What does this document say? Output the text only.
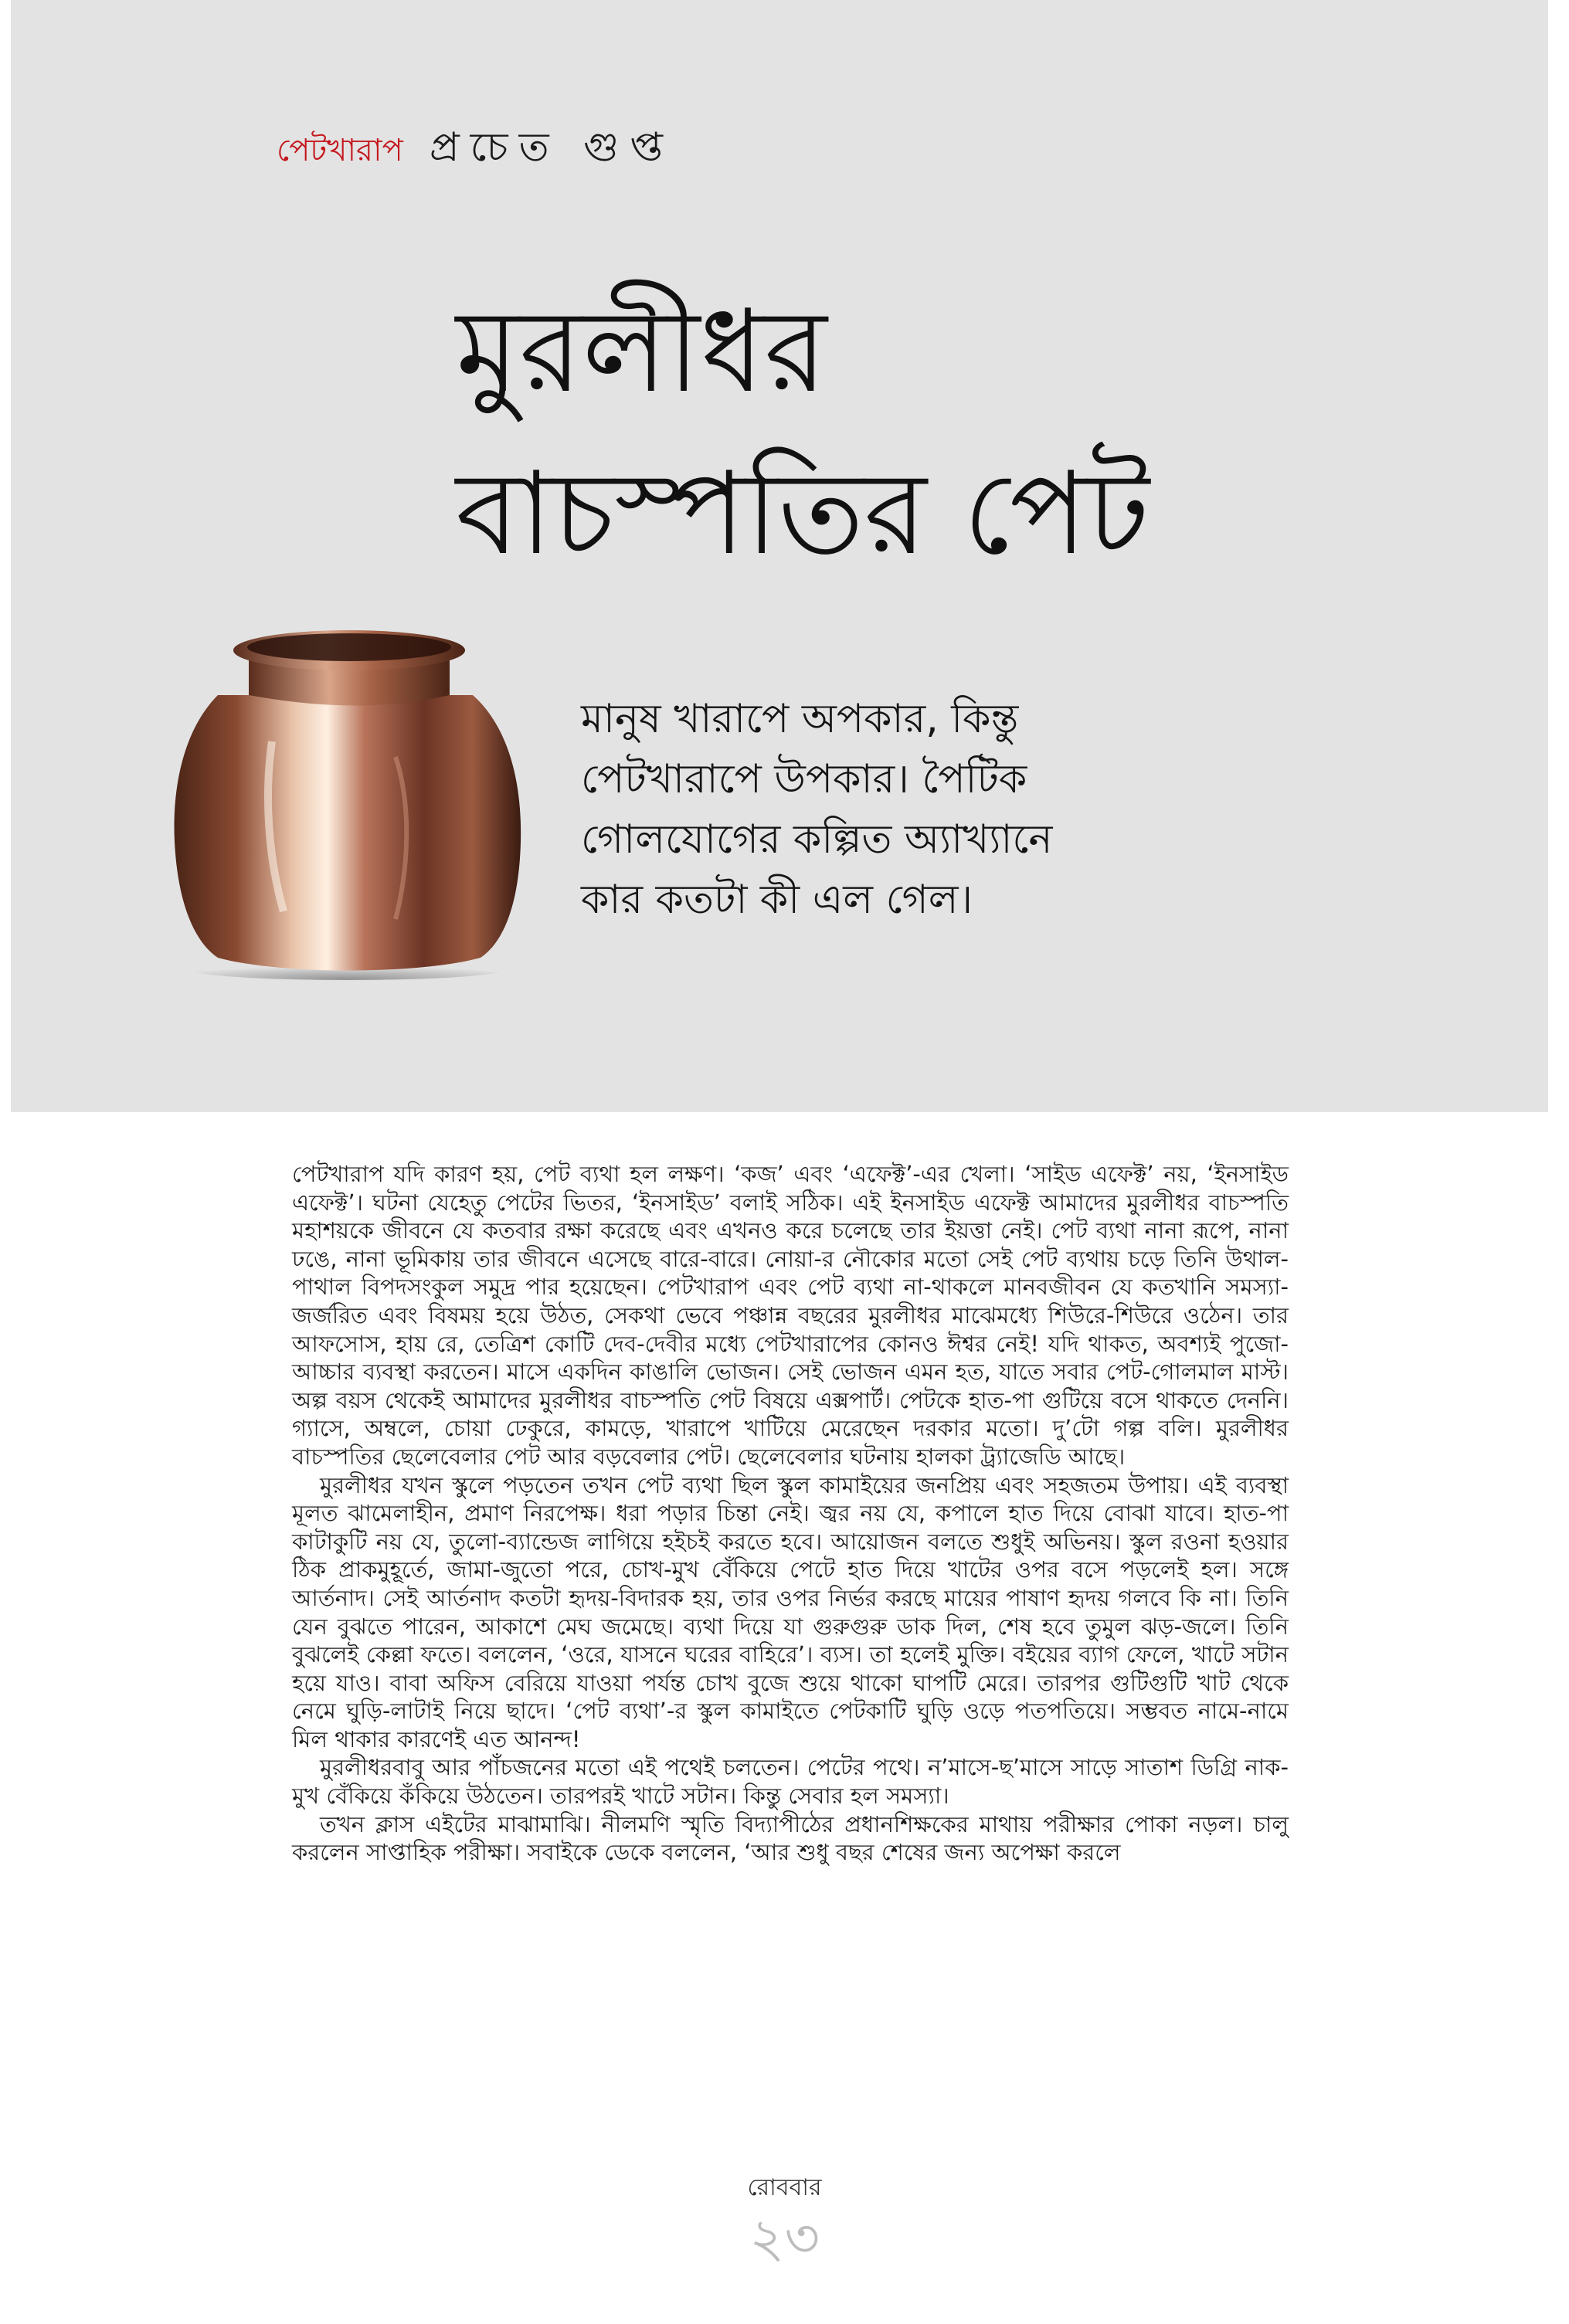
পেটখারাপ প্রচেত গুপ্ত
মুরলীধর
বাচস্পতির পেট
মানুষ খারাপে অপকার, কিন্তু
পেটখারাপে উপকার। পৈটিক
গোলযোগের কল্পিত অ্যাখ্যানে
কার কতটা কী এল গেল।

পেটখারাপ যদি কারণ হয়, পেট ব্যথা হল লক্ষণ। ‘কজ’ এবং ‘এফেক্ট’-এর খেলা। ‘সাইড এফেক্ট’ নয়, ‘ইনসাইড এফেক্ট’। ঘটনা যেহেতু পেটের ভিতর, ‘ইনসাইড’ বলাই সঠিক। এই ইনসাইড এফেক্ট আমাদের মুরলীধর বাচস্পতি মহাশয়কে জীবনে যে কতবার রক্ষা করেছে এবং এখনও করে চলেছে তার ইয়ত্তা নেই। পেট ব্যথা নানা রূপে, নানা ঢঙে, নানা ভূমিকায় তার জীবনে এসেছে বারে-বারে। নোয়া-র নৌকোর মতো সেই পেট ব্যথায় চড়ে তিনি উথাল-পাথাল বিপদসংকুল সমুদ্র পার হয়েছেন। পেটখারাপ এবং পেট ব্যথা না-থাকলে মানবজীবন যে কতখানি সমস্যা-জর্জরিত এবং বিষময় হয়ে উঠত, সেকথা ভেবে পঞ্চান্ন বছরের মুরলীধর মাঝেমধ্যে শিউরে-শিউরে ওঠেন। তার আফসোস, হায় রে, তেত্রিশ কোটি দেব-দেবীর মধ্যে পেটখারাপের কোনও ঈশ্বর নেই! যদি থাকত, অবশ্যই পুজো-আচ্চার ব্যবস্থা করতেন। মাসে একদিন কাঙালি ভোজন। সেই ভোজন এমন হত, যাতে সবার পেট-গোলমাল মাস্ট। অল্প বয়স থেকেই আমাদের মুরলীধর বাচস্পতি পেট বিষয়ে এক্সপার্ট। পেটকে হাত-পা গুটিয়ে বসে থাকতে দেননি। গ্যাসে, অম্বলে, চোয়া ঢেকুরে, কামড়ে, খারাপে খাটিয়ে মেরেছেন দরকার মতো। দু’টো গল্প বলি। মুরলীধর বাচস্পতির ছেলেবেলার পেট আর বড়বেলার পেট। ছেলেবেলার ঘটনায় হালকা ট্র্যাজেডি আছে।

মুরলীধর যখন স্কুলে পড়তেন তখন পেট ব্যথা ছিল স্কুল কামাইয়ের জনপ্রিয় এবং সহজতম উপায়। এই ব্যবস্থা মূলত ঝামেলাহীন, প্রমাণ নিরপেক্ষ। ধরা পড়ার চিন্তা নেই। জ্বর নয় যে, কপালে হাত দিয়ে বোঝা যাবে। হাত-পা কাটাকুটি নয় যে, তুলো-ব্যান্ডেজ লাগিয়ে হইচই করতে হবে। আয়োজন বলতে শুধুই অভিনয়। স্কুল রওনা হওয়ার ঠিক প্রাকমুহূর্তে, জামা-জুতো পরে, চোখ-মুখ বেঁকিয়ে পেটে হাত দিয়ে খাটের ওপর বসে পড়লেই হল। সঙ্গে আর্তনাদ। সেই আর্তনাদ কতটা হৃদয়-বিদারক হয়, তার ওপর নির্ভর করছে মায়ের পাষাণ হৃদয় গলবে কি না। তিনি যেন বুঝতে পারেন, আকাশে মেঘ জমেছে। ব্যথা দিয়ে যা গুরুগুরু ডাক দিল, শেষ হবে তুমুল ঝড়-জলে। তিনি বুঝলেই কেল্লা ফতে। বললেন, ‘ওরে, যাসনে ঘরের বাহিরে’। ব্যস। তা হলেই মুক্তি। বইয়ের ব্যাগ ফেলে, খাটে সটান হয়ে যাও। বাবা অফিস বেরিয়ে যাওয়া পর্যন্ত চোখ বুজে শুয়ে থাকো ঘাপটি মেরে। তারপর গুটিগুটি খাট থেকে নেমে ঘুড়ি-লাটাই নিয়ে ছাদে। ‘পেট ব্যথা’-র স্কুল কামাইতে পেটকাটি ঘুড়ি ওড়ে পতপতিয়ে। সম্ভবত নামে-নামে মিল থাকার কারণেই এত আনন্দ!

মুরলীধরবাবু আর পাঁচজনের মতো এই পথেই চলতেন। পেটের পথে। ন’মাসে-ছ’মাসে সাড়ে সাতাশ ডিগ্রি নাক-মুখ বেঁকিয়ে কঁকিয়ে উঠতেন। তারপরই খাটে সটান। কিন্তু সেবার হল সমস্যা।

তখন ক্লাস এইটের মাঝামাঝি। নীলমণি স্মৃতি বিদ্যাপীঠের প্রধানশিক্ষকের মাথায় পরীক্ষার পোকা নড়ল। চালু করলেন সাপ্তাহিক পরীক্ষা। সবাইকে ডেকে বললেন, ‘আর শুধু বছর শেষের জন্য অপেক্ষা করলে

রোববার
২৩
